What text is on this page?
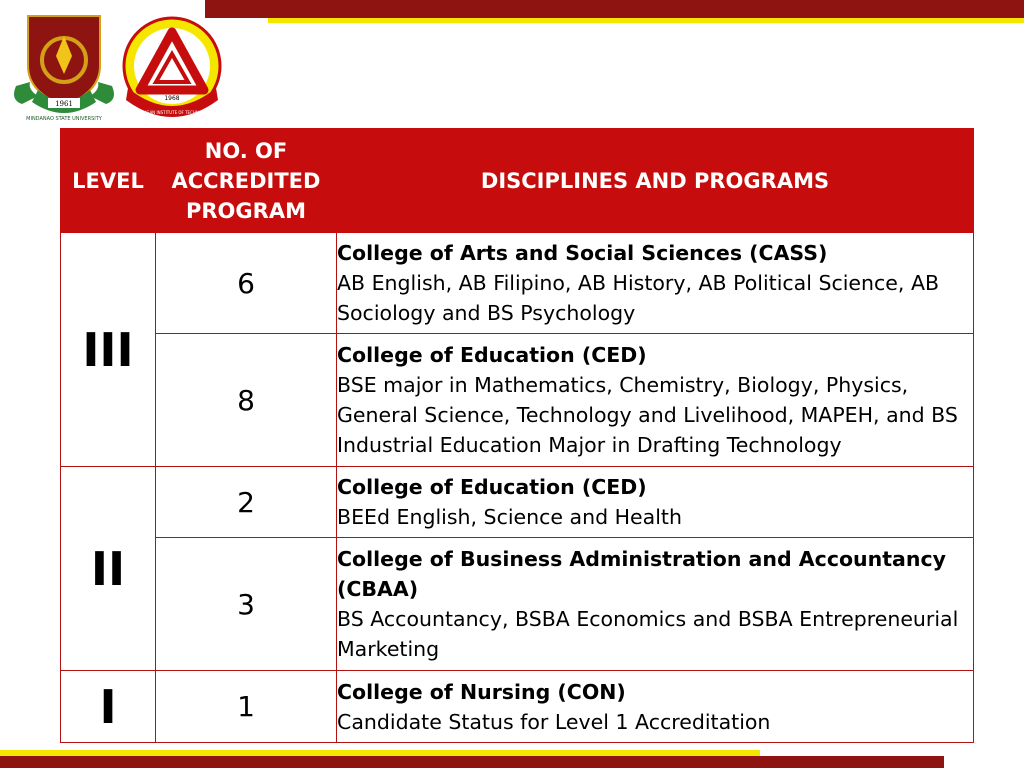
1961
MINDANAO STATE UNIVERSITY
1968
MSU-ILIGAN INSTITUTE OF TECHNOLOGY
LEVEL	NO. OF
ACCREDITED
PROGRAM	DISCIPLINES AND PROGRAMS
III	6	College of Arts and Social Sciences (CASS)
AB English, AB Filipino, AB History, AB Political Science, AB Sociology and BS Psychology

	8	College of Education (CED)
BSE major in Mathematics, Chemistry, Biology, Physics, General Science, Technology and Livelihood, MAPEH, and BS Industrial Education Major in Drafting Technology

II	2	College of Education (CED)
BEEd English, Science and Health

	3	College of Business Administration and Accountancy (CBAA)
BS Accountancy, BSBA Economics and BSBA Entrepreneurial Marketing

I	1	College of Nursing (CON)
Candidate Status for Level 1 Accreditation
